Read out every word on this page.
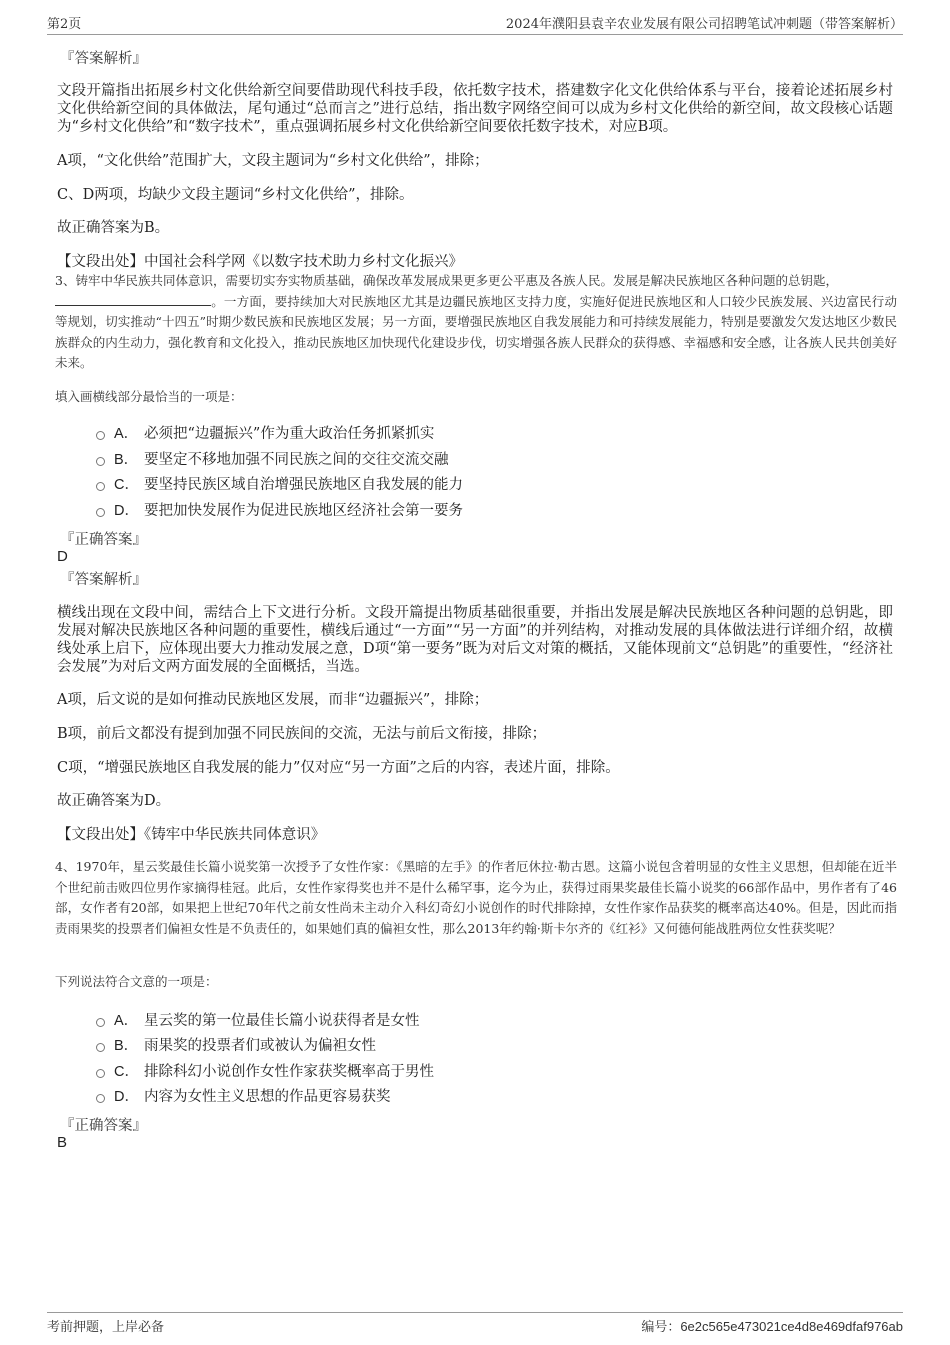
第2页	2024年濮阳县袁辛农业发展有限公司招聘笔试冲刺题（带答案解析）
『答案解析』
文段开篇指出拓展乡村文化供给新空间要借助现代科技手段，依托数字技术，搭建数字化文化供给体系与平台，接着论述拓展乡村文化供给新空间的具体做法，尾句通过“总而言之”进行总结，指出数字网络空间可以成为乡村文化供给的新空间，故文段核心话题为“乡村文化供给”和“数字技术”，重点强调拓展乡村文化供给新空间要依托数字技术，对应B项。
A项，“文化供给”范围扩大，文段主题词为“乡村文化供给”，排除；
C、D两项，均缺少文段主题词“乡村文化供给”，排除。
故正确答案为B。
【文段出处】中国社会科学网《以数字技术助力乡村文化振兴》
3、铸牢中华民族共同体意识，需要切实夯实物质基础，确保改革发展成果更多更公平惠及各族人民。发展是解决民族地区各种问题的总钥匙，
。一方面，要持续加大对民族地区尤其是边疆民族地区支持力度，实施好促进民族地区和人口较少民族发展、兴边富民行动等规划，切实推动“十四五”时期少数民族和民族地区发展；另一方面，要增强民族地区自我发展能力和可持续发展能力，特别是要激发欠发达地区少数民族群众的内生动力，强化教育和文化投入，推动民族地区加快现代化建设步伐，切实增强各族人民群众的获得感、幸福感和安全感，让各族人民共创美好未来。
填入画横线部分最恰当的一项是：
A． 必须把“边疆振兴”作为重大政治任务抓紧抓实
B． 要坚定不移地加强不同民族之间的交往交流交融
C． 要坚持民族区域自治增强民族地区自我发展的能力
D． 要把加快发展作为促进民族地区经济社会第一要务
『正确答案』
D
『答案解析』
横线出现在文段中间，需结合上下文进行分析。文段开篇提出物质基础很重要，并指出发展是解决民族地区各种问题的总钥匙，即发展对解决民族地区各种问题的重要性，横线后通过“一方面”“另一方面”的并列结构，对推动发展的具体做法进行详细介绍，故横线处承上启下，应体现出要大力推动发展之意，D项“第一要务”既为对后文对策的概括，又能体现前文“总钥匙”的重要性，“经济社会发展”为对后文两方面发展的全面概括，当选。
A项，后文说的是如何推动民族地区发展，而非“边疆振兴”，排除；
B项，前后文都没有提到加强不同民族间的交流，无法与前后文衔接，排除；
C项，“增强民族地区自我发展的能力”仅对应“另一方面”之后的内容，表述片面，排除。
故正确答案为D。
【文段出处】《铸牢中华民族共同体意识》
4、1970年，星云奖最佳长篇小说奖第一次授予了女性作家：《黑暗的左手》的作者厄休拉·勒古恩。这篇小说包含着明显的女性主义思想，但却能在近半个世纪前击败四位男作家摘得桂冠。此后，女性作家得奖也并不是什么稀罕事，迄今为止，获得过雨果奖最佳长篇小说奖的66部作品中，男作者有了46部，女作者有20部，如果把上世纪70年代之前女性尚未主动介入科幻奇幻小说创作的时代排除掉，女性作家作品获奖的概率高达40%。但是，因此而指责雨果奖的投票者们偏袒女性是不负责任的，如果她们真的偏袒女性，那么2013年约翰·斯卡尔齐的《红衫》又何德何能战胜两位女性获奖呢？
下列说法符合文意的一项是：
A． 星云奖的第一位最佳长篇小说获得者是女性
B． 雨果奖的投票者们或被认为偏袒女性
C． 排除科幻小说创作女性作家获奖概率高于男性
D． 内容为女性主义思想的作品更容易获奖
『正确答案』
B
考前押题，上岸必备	编号：6e2c565e473021ce4d8e469dfaf976ab
